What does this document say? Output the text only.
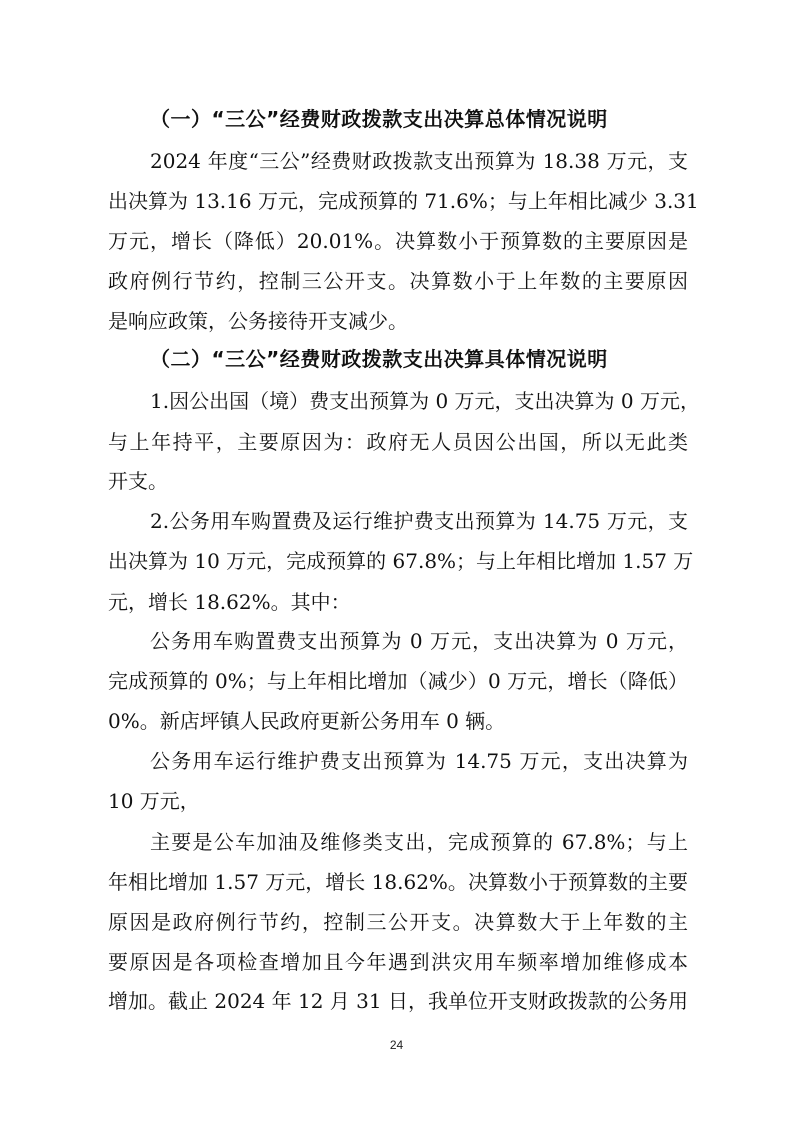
（一）“三公”经费财政拨款支出决算总体情况说明
2024 年度“三公”经费财政拨款支出预算为 18.38 万元，支
出决算为 13.16 万元，完成预算的 71.6%；与上年相比减少 3.31
万元，增长（降低）20.01%。决算数小于预算数的主要原因是
政府例行节约，控制三公开支。决算数小于上年数的主要原因
是响应政策，公务接待开支减少。
（二）“三公”经费财政拨款支出决算具体情况说明
1.因公出国（境）费支出预算为 0 万元，支出决算为 0 万元，
与上年持平，主要原因为：政府无人员因公出国，所以无此类
开支。
2.公务用车购置费及运行维护费支出预算为 14.75 万元，支
出决算为 10 万元，完成预算的 67.8%；与上年相比增加 1.57 万
元，增长 18.62%。其中：
公务用车购置费支出预算为 0 万元，支出决算为 0 万元，
完成预算的 0%；与上年相比增加（减少）0 万元，增长（降低）
0%。新店坪镇人民政府更新公务用车 0 辆。
公务用车运行维护费支出预算为 14.75 万元，支出决算为
10 万元，
主要是公车加油及维修类支出，完成预算的 67.8%；与上
年相比增加 1.57 万元，增长 18.62%。决算数小于预算数的主要
原因是政府例行节约，控制三公开支。决算数大于上年数的主
要原因是各项检查增加且今年遇到洪灾用车频率增加维修成本
增加。截止 2024 年 12 月 31 日，我单位开支财政拨款的公务用
24
